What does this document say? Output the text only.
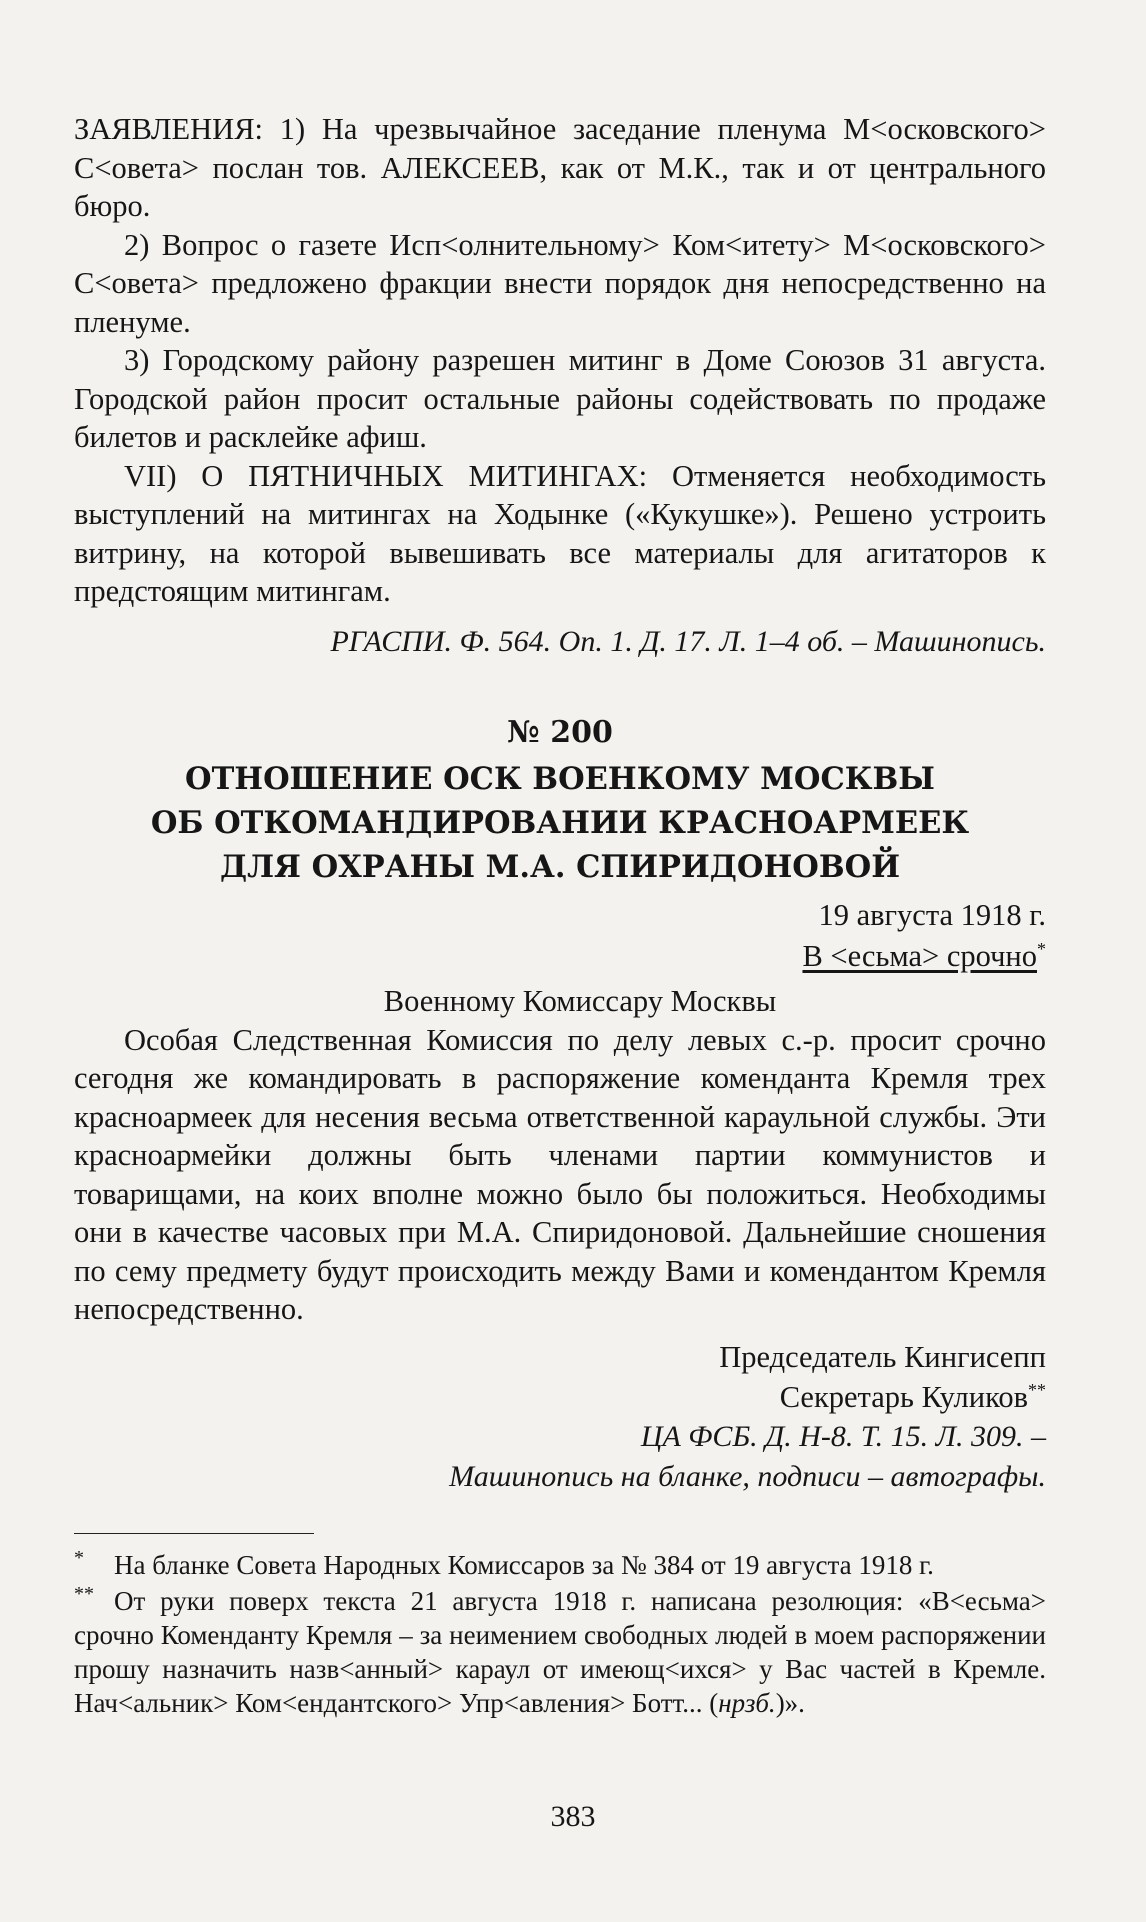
ЗАЯВЛЕНИЯ: 1) На чрезвычайное заседание пленума М<осковского> С<овета> послан тов. АЛЕКСЕЕВ, как от М.К., так и от центрального бюро.

2) Вопрос о газете Исп<олнительному> Ком<итету> М<осковского> С<овета> предложено фракции внести порядок дня непосредственно на пленуме.

3) Городскому району разрешен митинг в Доме Союзов 31 августа. Городской район просит остальные районы содействовать по продаже билетов и расклейке афиш.

VII) О ПЯТНИЧНЫХ МИТИНГАХ: Отменяется необходимость выступлений на митингах на Ходынке («Кукушке»). Решено устроить витрину, на которой вывешивать все материалы для агитаторов к предстоящим митингам.

РГАСПИ. Ф. 564. Оп. 1. Д. 17. Л. 1–4 об. – Машинопись.

№ 200

ОТНОШЕНИЕ ОСК ВОЕНКОМУ МОСКВЫ
ОБ ОТКОМАНДИРОВАНИИ КРАСНОАРМЕЕК
ДЛЯ ОХРАНЫ М.А. СПИРИДОНОВОЙ

19 августа 1918 г.

В <есьма> срочно*

Военному Комиссару Москвы

Особая Следственная Комиссия по делу левых с.-р. просит срочно сегодня же командировать в распоряжение коменданта Кремля трех красноармеек для несения весьма ответственной караульной службы. Эти красноармейки должны быть членами партии коммунистов и товарищами, на коих вполне можно было бы положиться. Необходимы они в качестве часовых при М.А. Спиридоновой. Дальнейшие сношения по сему предмету будут происходить между Вами и комендантом Кремля непосредственно.

Председатель Кингисепп

Секретарь Куликов**

ЦА ФСБ. Д. Н-8. Т. 15. Л. 309. –

Машинопись на бланке, подписи – автографы.

* На бланке Совета Народных Комиссаров за № 384 от 19 августа 1918 г.

** От руки поверх текста 21 августа 1918 г. написана резолюция: «В<есьма> срочно Коменданту Кремля – за неимением свободных людей в моем распоряжении прошу назначить назв<анный> караул от имеющ<ихся> у Вас частей в Кремле. Нач<альник> Ком<ендантского> Упр<авления> Ботт... (нрзб.)».

383
